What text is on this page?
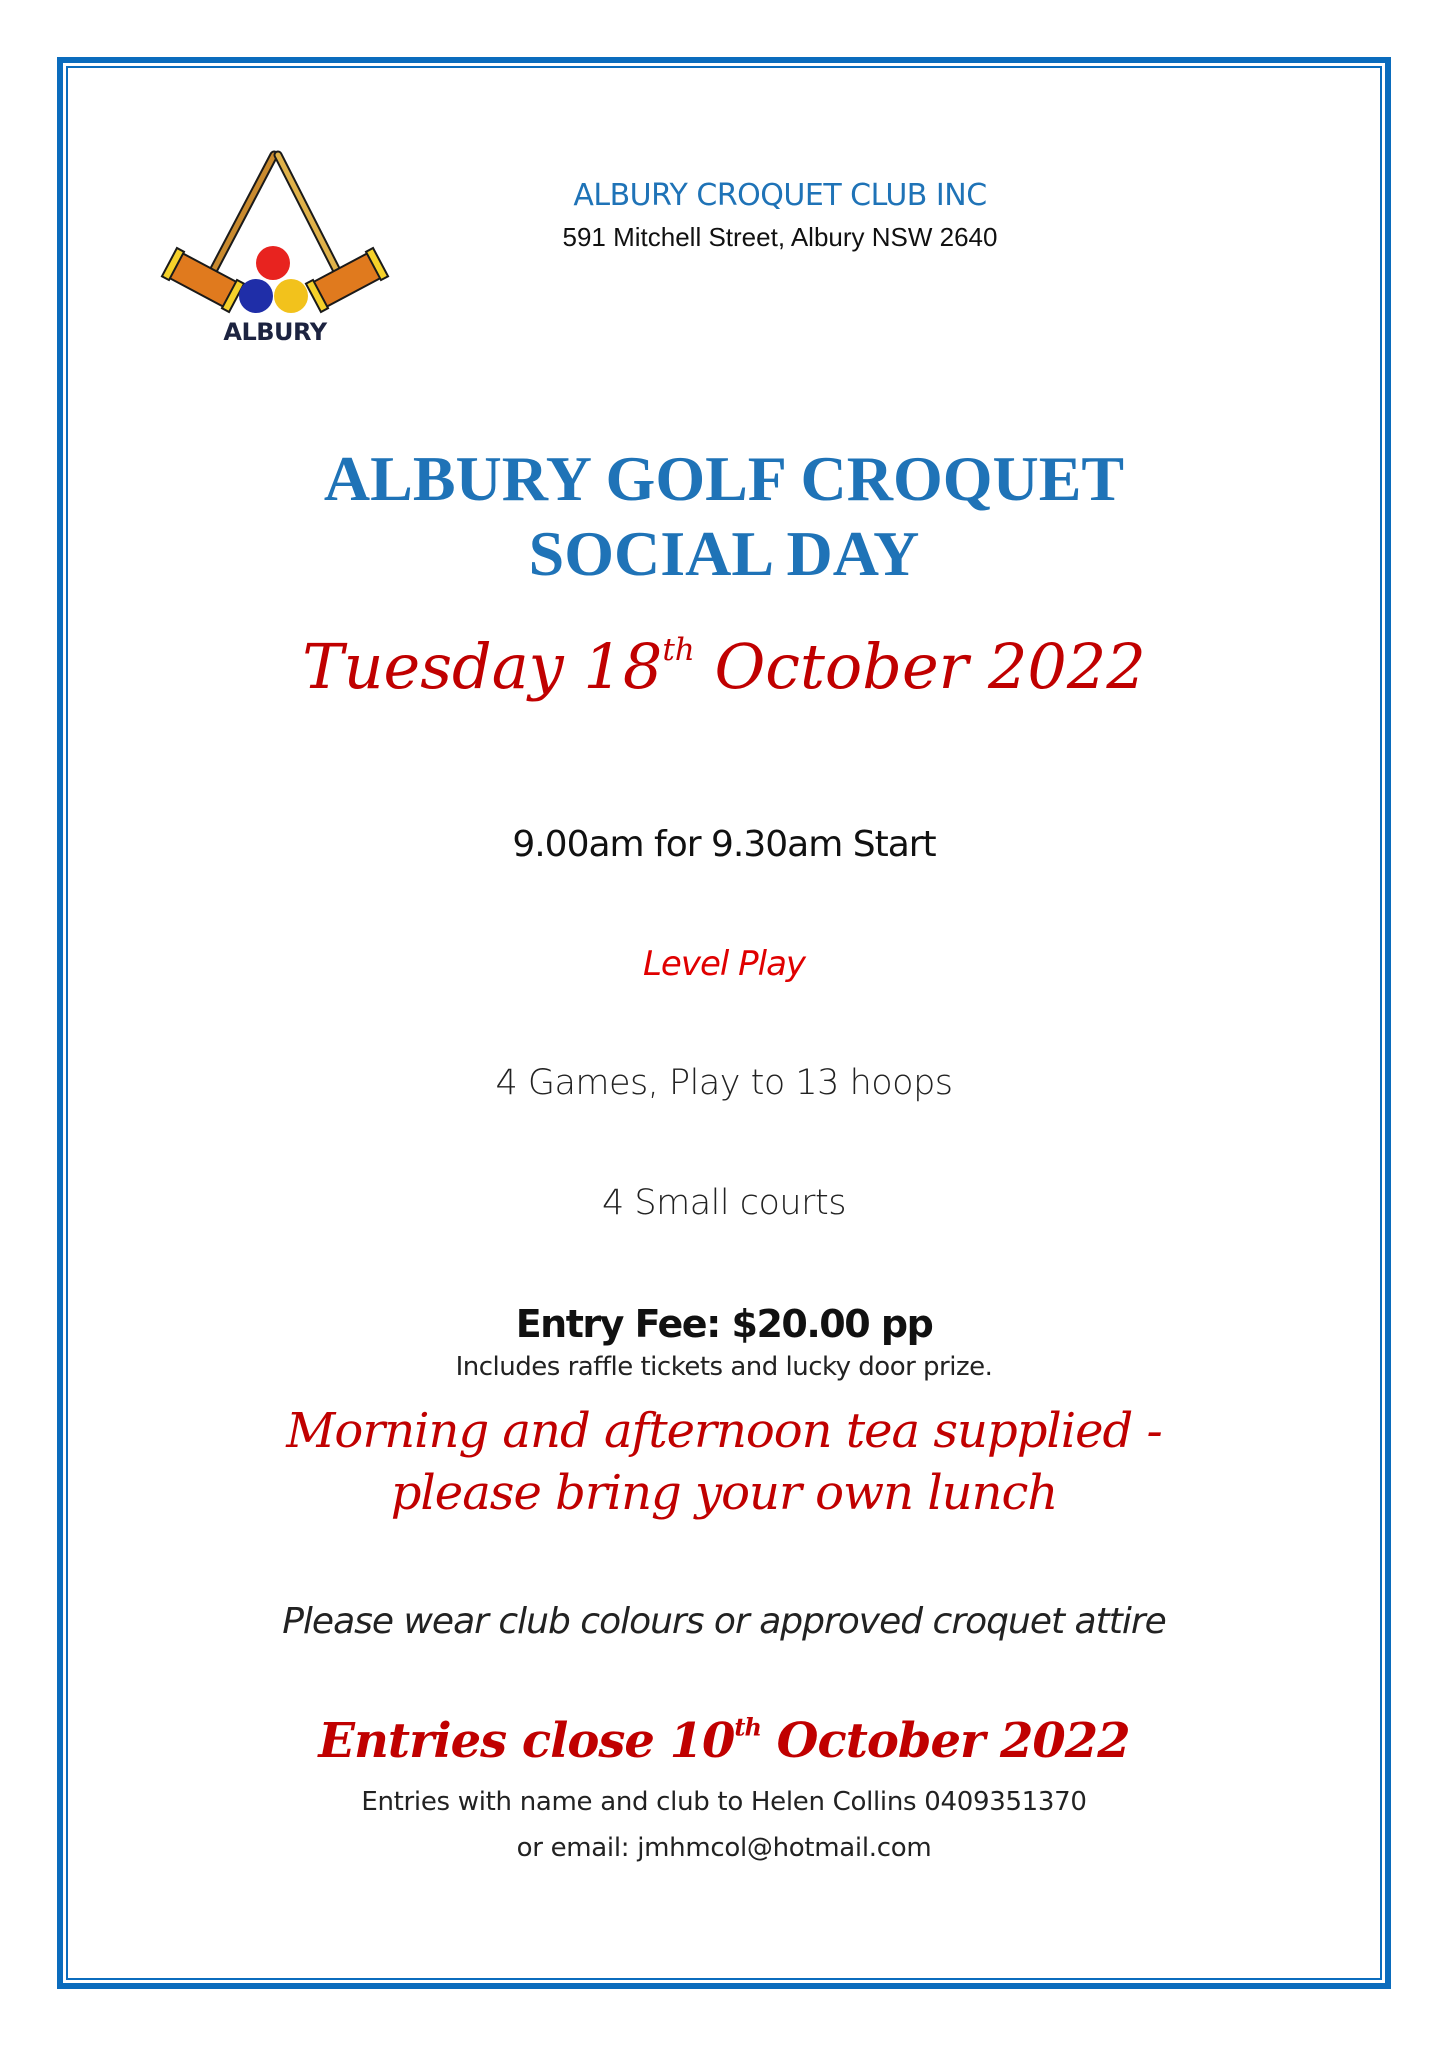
ALBURY
ALBURY CROQUET CLUB INC
591 Mitchell Street, Albury NSW 2640
ALBURY GOLF CROQUET
SOCIAL DAY
Tuesday 18th October 2022
9.00am for 9.30am Start
Level Play
4 Games, Play to 13 hoops
4 Small courts
Entry Fee: $20.00 pp
Includes raffle tickets and lucky door prize.
Morning and afternoon tea supplied -
please bring your own lunch
Please wear club colours or approved croquet attire
Entries close 10th October 2022
Entries with name and club to Helen Collins 0409351370
or email: jmhmcol@hotmail.com
